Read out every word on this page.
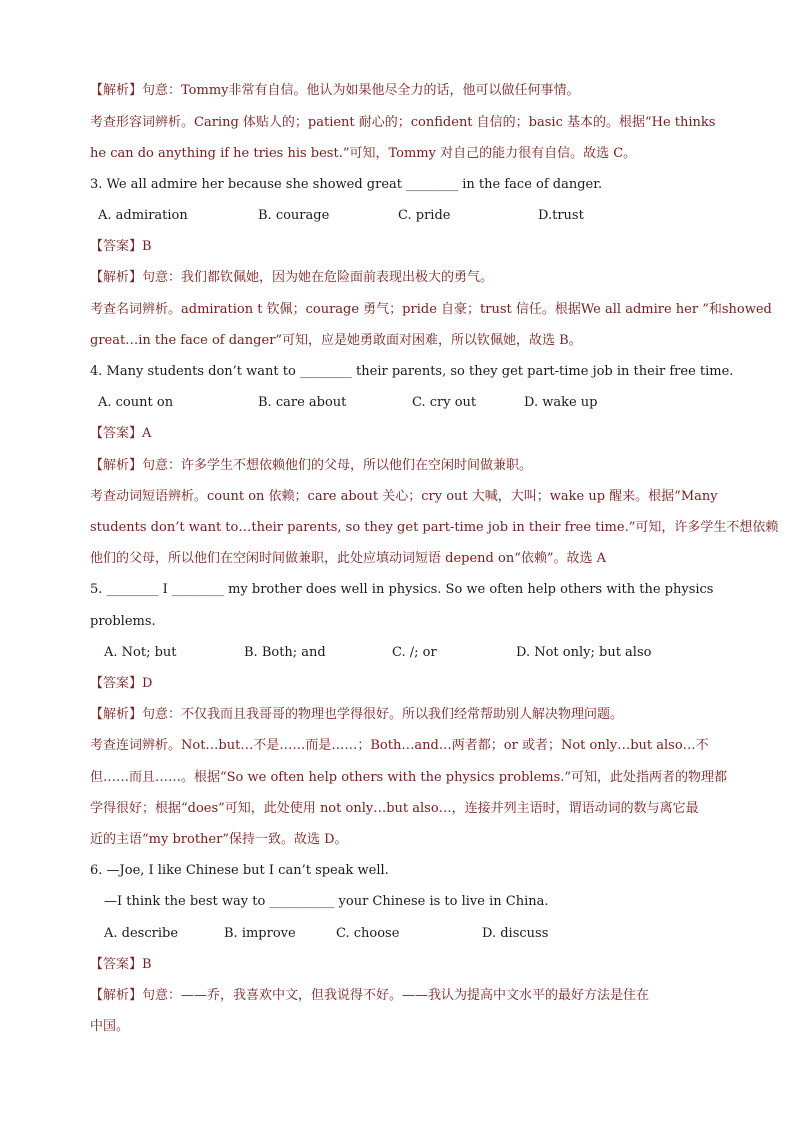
【解析】句意：Tommy非常有自信。他认为如果他尽全力的话，他可以做任何事情。
考查形容词辨析。Caring 体贴人的；patient 耐心的；confident 自信的；basic 基本的。根据“He thinks
he can do anything if he tries his best.”可知，Tommy 对自己的能力很有自信。故选 C。
3. We all admire her because she showed great ________ in the face of danger.
A. admiration	B. courage	C. pride	D.trust
【答案】B
【解析】句意：我们都钦佩她，因为她在危险面前表现出极大的勇气。
考查名词辨析。admiration t 钦佩；courage 勇气；pride 自豪；trust 信任。根据We all admire her ”和showed
great…in the face of danger”可知，应是她勇敢面对困难，所以钦佩她，故选 B。
4. Many students don’t want to ________ their parents, so they get part-time job in their free time.
A. count on	B. care about	C. cry out	D. wake up
【答案】A
【解析】句意：许多学生不想依赖他们的父母，所以他们在空闲时间做兼职。
考查动词短语辨析。count on 依赖；care about 关心；cry out 大喊，大叫；wake up 醒来。根据“Many
students don’t want to…their parents, so they get part-time job in their free time.”可知，许多学生不想依赖
他们的父母，所以他们在空闲时间做兼职，此处应填动词短语 depend on“依赖”。故选 A
5. ________ I ________ my brother does well in physics. So we often help others with the physics
problems.
A. Not; but	B. Both; and	C. /; or	D. Not only; but also
【答案】D
【解析】句意：不仅我而且我哥哥的物理也学得很好。所以我们经常帮助别人解决物理问题。
考查连词辨析。Not…but…不是……而是……；Both…and…两者都；or 或者；Not only…but also…不
但……而且……。根据“So we often help others with the physics problems.”可知，此处指两者的物理都
学得很好；根据“does”可知，此处使用 not only…but also…，连接并列主语时，谓语动词的数与离它最
近的主语“my brother”保持一致。故选 D。
6. —Joe, I like Chinese but I can’t speak well.
—I think the best way to __________ your Chinese is to live in China.
A. describe	B. improve	C. choose	D. discuss
【答案】B
【解析】句意：——乔，我喜欢中文，但我说得不好。——我认为提高中文水平的最好方法是住在
中国。
